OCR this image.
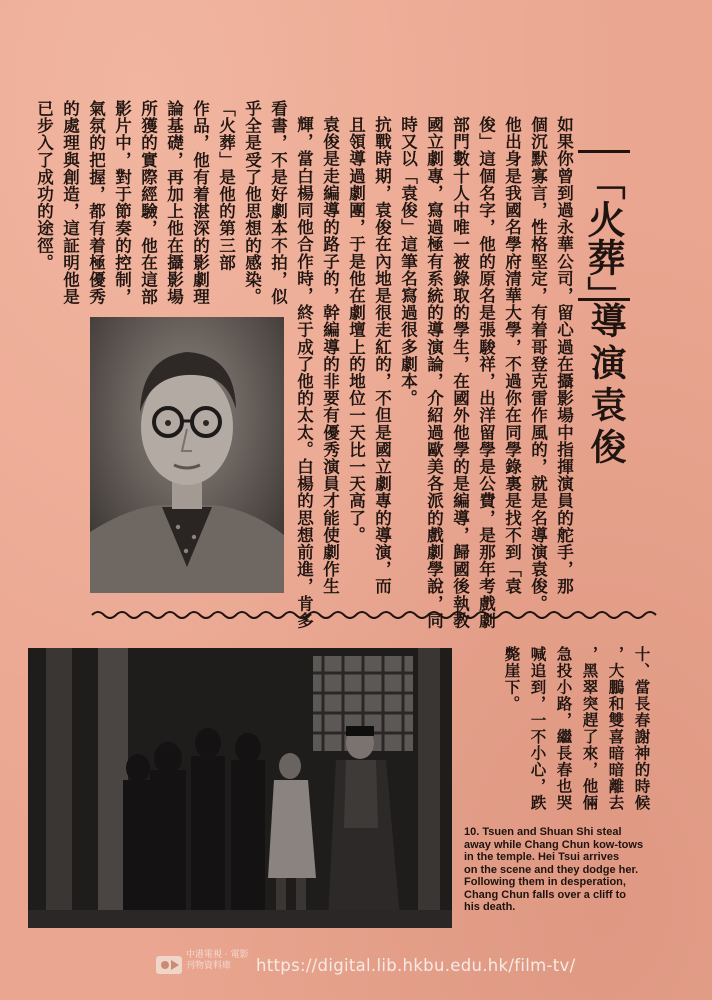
「火葬」
導演袁俊
如果你曾到過永華公司，留心過在攝影場中指揮演員的舵手，那
個沉默寡言，性格堅定，有着哥登克雷作風的，就是名導演袁俊。
他出身是我國名學府清華大學，不過你在同學錄裏是找不到「袁
俊」這個名字，他的原名是張駿祥，出洋留學是公費，是那年考戲劇
部門數十人中唯一被錄取的學生，在國外他學的是編導，歸國後執教
國立劇專，寫過極有系統的導演論，介紹過歐美各派的戲劇學說，同
時又以「袁俊」這筆名寫過很多劇本。
抗戰時期，袁俊在內地是很走紅的，不但是國立劇專的導演，而
且領導過劇團，于是他在劇壇上的地位一天比一天高了。
袁俊是走編導的路子的，幹編導的非要有優秀演員才能使劇作生
輝，當白楊同他合作時，終于成了他的太太。白楊的思想前進，肯多
看書，不是好劇本不拍，似
乎全是受了他思想的感染。
「火葬」是他的第三部
作品，他有着湛深的影劇理
論基礎，再加上他在攝影場
所獲的實際經驗，他在這部
影片中，對于節奏的控制，
氣氛的把握，都有着極優秀
的處理與創造，這証明他是
已步入了成功的途徑。
十、當長春謝神的時候
，大鵬和雙喜暗暗離去
，黑翠突趕了來，他倆
急投小路，繼長春也哭
喊追到，一不小心，跌
斃崖下。
10. Tsuen and Shuan Shi steal
away while Chang Chun kow-tows
in the temple. Hei Tsui arrives
on the scene and they dodge her.
Following them in desperation,
Chang Chun falls over a cliff to
his death.
中港電視 · 電影 刊物資料庫	https://digital.lib.hkbu.edu.hk/film-tv/
